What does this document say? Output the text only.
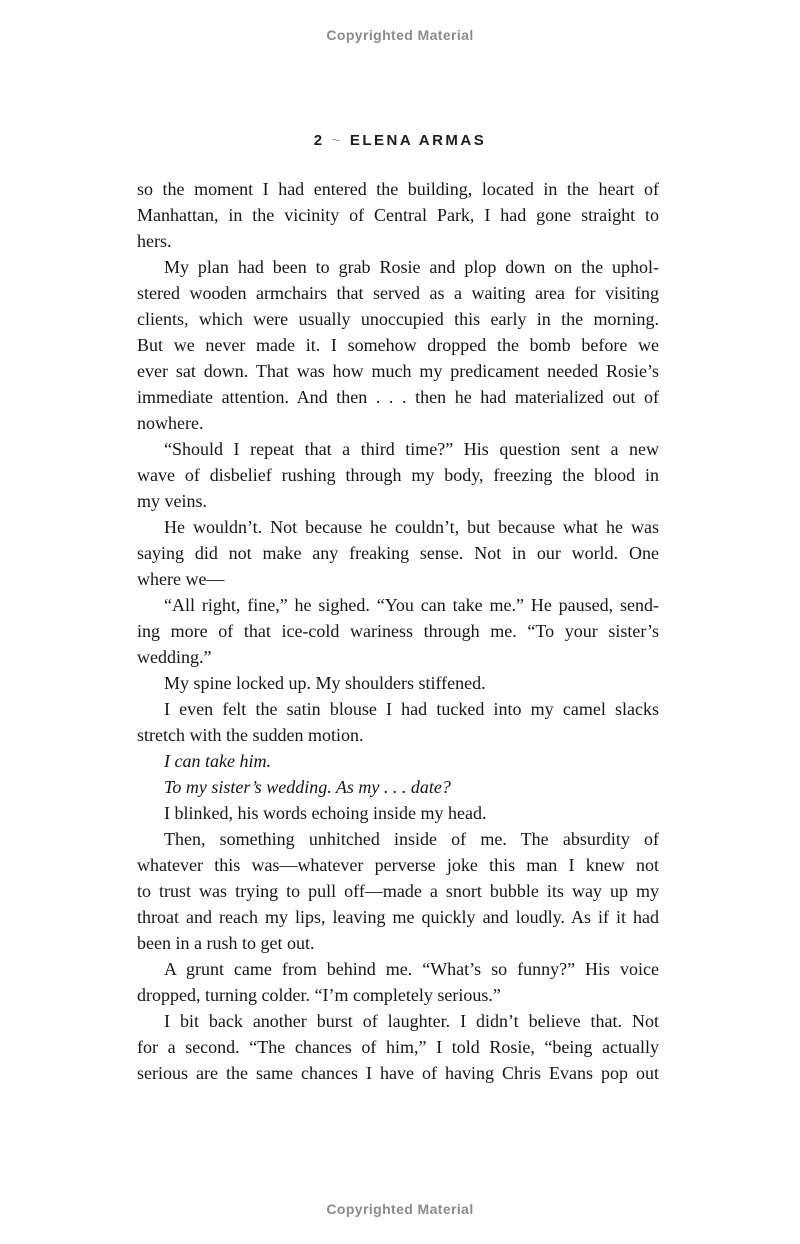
Copyrighted Material
2 ~ ELENA ARMAS
so the moment I had entered the building, located in the heart of
Manhattan, in the vicinity of Central Park, I had gone straight to
hers.
My plan had been to grab Rosie and plop down on the uphol-
stered wooden armchairs that served as a waiting area for visiting
clients, which were usually unoccupied this early in the morning.
But we never made it. I somehow dropped the bomb before we
ever sat down. That was how much my predicament needed Rosie’s
immediate attention. And then . . . then he had materialized out of
nowhere.
“Should I repeat that a third time?” His question sent a new
wave of disbelief rushing through my body, freezing the blood in
my veins.
He wouldn’t. Not because he couldn’t, but because what he was
saying did not make any freaking sense. Not in our world. One
where we—
“All right, fine,” he sighed. “You can take me.” He paused, send-
ing more of that ice-cold wariness through me. “To your sister’s
wedding.”
My spine locked up. My shoulders stiffened.
I even felt the satin blouse I had tucked into my camel slacks
stretch with the sudden motion.
I can take him.
To my sister’s wedding. As my . . . date?
I blinked, his words echoing inside my head.
Then, something unhitched inside of me. The absurdity of
whatever this was—whatever perverse joke this man I knew not
to trust was trying to pull off—made a snort bubble its way up my
throat and reach my lips, leaving me quickly and loudly. As if it had
been in a rush to get out.
A grunt came from behind me. “What’s so funny?” His voice
dropped, turning colder. “I’m completely serious.”
I bit back another burst of laughter. I didn’t believe that. Not
for a second. “The chances of him,” I told Rosie, “being actually
serious are the same chances I have of having Chris Evans pop out
Copyrighted Material
